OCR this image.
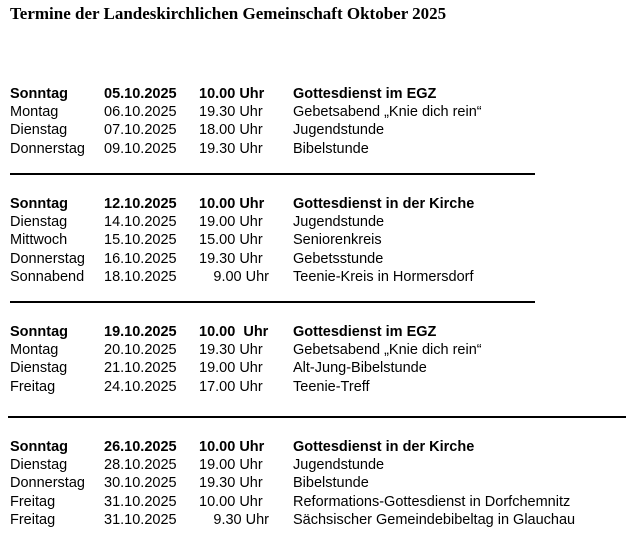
Termine der Landeskirchlichen Gemeinschaft Oktober 2025
Sonntag 05.10.2025 10.00 Uhr	Gottesdienst im EGZ
Montag	06.10.2025 19.30 Uhr	Gebetsabend „Knie dich rein“
Dienstag	07.10.2025 18.00 Uhr	Jugendstunde
Donnerstag 09.10.2025 19.30 Uhr	Bibelstunde
Sonntag 12.10.2025 10.00 Uhr	Gottesdienst in der Kirche
Dienstag	14.10.2025 19.00 Uhr	Jugendstunde
Mittwoch	15.10.2025 15.00 Uhr	Seniorenkreis
Donnerstag 16.10.2025 19.30 Uhr	Gebetsstunde
Sonnabend 18.10.2025	9.00 Uhr Teenie-Kreis in Hormersdorf
Sonntag 19.10.2025 10.00  Uhr Gottesdienst im EGZ
Montag	20.10.2025 19.30 Uhr	Gebetsabend „Knie dich rein“
Dienstag	21.10.2025 19.00 Uhr	Alt-Jung-Bibelstunde
Freitag	24.10.2025 17.00 Uhr	Teenie-Treff
Sonntag 26.10.2025 10.00 Uhr	Gottesdienst in der Kirche
Dienstag	28.10.2025 19.00 Uhr	Jugendstunde
Donnerstag 30.10.2025 19.30 Uhr	Bibelstunde
Freitag	31.10.2025 10.00 Uhr	Reformations-Gottesdienst in Dorfchemnitz
Freitag	31.10.2025	9.30 Uhr Sächsischer Gemeindebibeltag in Glauchau
